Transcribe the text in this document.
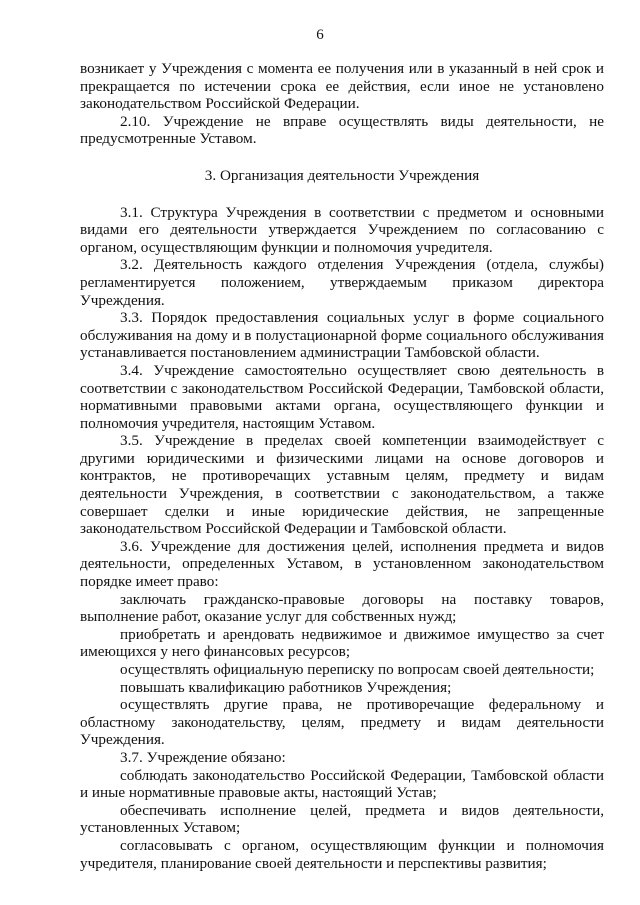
6

возникает у Учреждения с момента ее получения или в указанный в ней срок и прекращается по истечении срока ее действия, если иное не установлено законодательством Российской Федерации.

2.10. Учреждение не вправе осуществлять виды деятельности, не предусмотренные Уставом.

3. Организация деятельности Учреждения

3.1. Структура Учреждения в соответствии с предметом и основными видами его деятельности утверждается Учреждением по согласованию с органом, осуществляющим функции и полномочия учредителя.

3.2. Деятельность каждого отделения Учреждения (отдела, службы) регламентируется положением, утверждаемым приказом директора Учреждения.

3.3. Порядок предоставления социальных услуг в форме социального обслуживания на дому и в полустационарной форме социального обслуживания устанавливается постановлением администрации Тамбовской области.

3.4. Учреждение самостоятельно осуществляет свою деятельность в соответствии с законодательством Российской Федерации, Тамбовской области, нормативными правовыми актами органа, осуществляющего функции и полномочия учредителя, настоящим Уставом.

3.5. Учреждение в пределах своей компетенции взаимодействует с другими юридическими и физическими лицами на основе договоров и контрактов, не противоречащих уставным целям, предмету и видам деятельности Учреждения, в соответствии с законодательством, а также совершает сделки и иные юридические действия, не запрещенные законодательством Российской Федерации и Тамбовской области.

3.6. Учреждение для достижения целей, исполнения предмета и видов деятельности, определенных Уставом, в установленном законодательством порядке имеет право:

заключать гражданско-правовые договоры на поставку товаров, выполнение работ, оказание услуг для собственных нужд;

приобретать и арендовать недвижимое и движимое имущество за счет имеющихся у него финансовых ресурсов;

осуществлять официальную переписку по вопросам своей деятельности;

повышать квалификацию работников Учреждения;

осуществлять другие права, не противоречащие федеральному и областному законодательству, целям, предмету и видам деятельности Учреждения.

3.7. Учреждение обязано:

соблюдать законодательство Российской Федерации, Тамбовской области и иные нормативные правовые акты, настоящий Устав;

обеспечивать исполнение целей, предмета и видов деятельности, установленных Уставом;

согласовывать с органом, осуществляющим функции и полномочия учредителя, планирование своей деятельности и перспективы развития;
